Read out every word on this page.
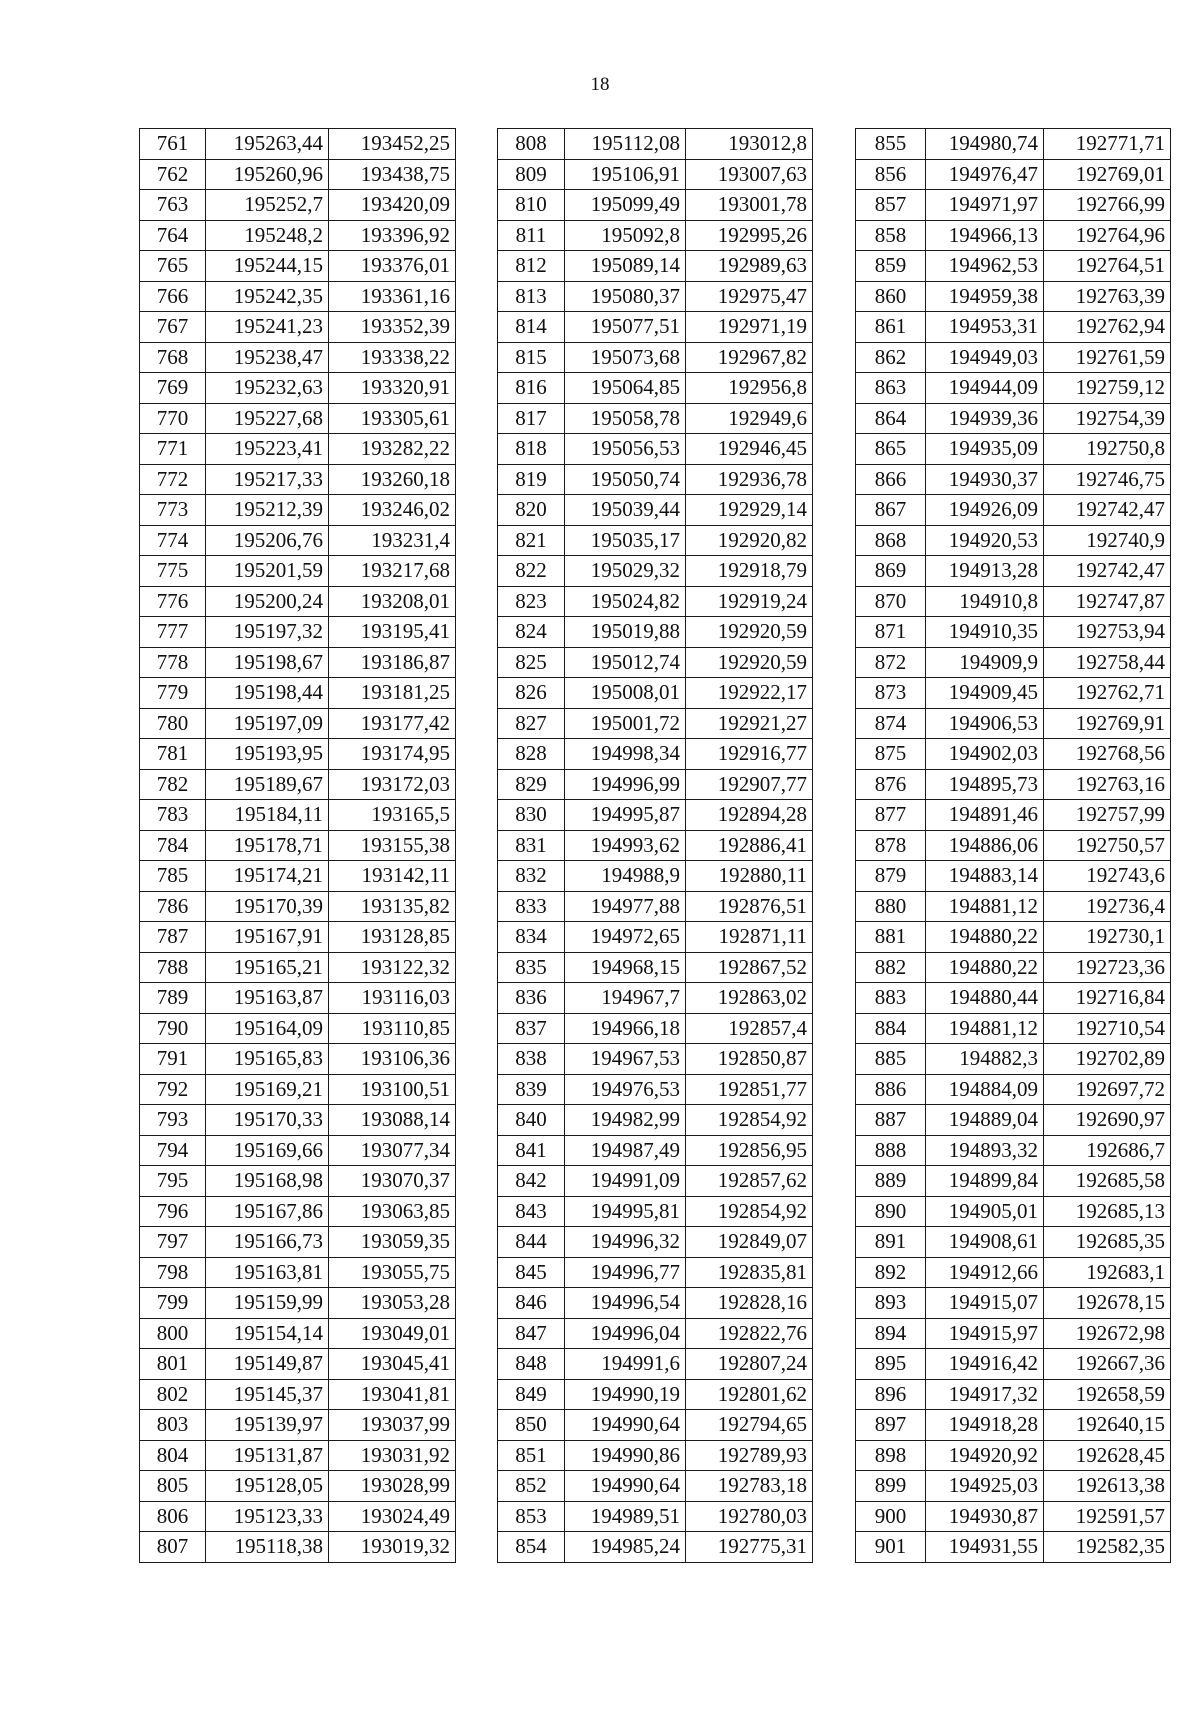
18
761	195263,44	193452,25
762	195260,96	193438,75
763	195252,7	193420,09
764	195248,2	193396,92
765	195244,15	193376,01
766	195242,35	193361,16
767	195241,23	193352,39
768	195238,47	193338,22
769	195232,63	193320,91
770	195227,68	193305,61
771	195223,41	193282,22
772	195217,33	193260,18
773	195212,39	193246,02
774	195206,76	193231,4
775	195201,59	193217,68
776	195200,24	193208,01
777	195197,32	193195,41
778	195198,67	193186,87
779	195198,44	193181,25
780	195197,09	193177,42
781	195193,95	193174,95
782	195189,67	193172,03
783	195184,11	193165,5
784	195178,71	193155,38
785	195174,21	193142,11
786	195170,39	193135,82
787	195167,91	193128,85
788	195165,21	193122,32
789	195163,87	193116,03
790	195164,09	193110,85
791	195165,83	193106,36
792	195169,21	193100,51
793	195170,33	193088,14
794	195169,66	193077,34
795	195168,98	193070,37
796	195167,86	193063,85
797	195166,73	193059,35
798	195163,81	193055,75
799	195159,99	193053,28
800	195154,14	193049,01
801	195149,87	193045,41
802	195145,37	193041,81
803	195139,97	193037,99
804	195131,87	193031,92
805	195128,05	193028,99
806	195123,33	193024,49
807	195118,38	193019,32
808	195112,08	193012,8
809	195106,91	193007,63
810	195099,49	193001,78
811	195092,8	192995,26
812	195089,14	192989,63
813	195080,37	192975,47
814	195077,51	192971,19
815	195073,68	192967,82
816	195064,85	192956,8
817	195058,78	192949,6
818	195056,53	192946,45
819	195050,74	192936,78
820	195039,44	192929,14
821	195035,17	192920,82
822	195029,32	192918,79
823	195024,82	192919,24
824	195019,88	192920,59
825	195012,74	192920,59
826	195008,01	192922,17
827	195001,72	192921,27
828	194998,34	192916,77
829	194996,99	192907,77
830	194995,87	192894,28
831	194993,62	192886,41
832	194988,9	192880,11
833	194977,88	192876,51
834	194972,65	192871,11
835	194968,15	192867,52
836	194967,7	192863,02
837	194966,18	192857,4
838	194967,53	192850,87
839	194976,53	192851,77
840	194982,99	192854,92
841	194987,49	192856,95
842	194991,09	192857,62
843	194995,81	192854,92
844	194996,32	192849,07
845	194996,77	192835,81
846	194996,54	192828,16
847	194996,04	192822,76
848	194991,6	192807,24
849	194990,19	192801,62
850	194990,64	192794,65
851	194990,86	192789,93
852	194990,64	192783,18
853	194989,51	192780,03
854	194985,24	192775,31
855	194980,74	192771,71
856	194976,47	192769,01
857	194971,97	192766,99
858	194966,13	192764,96
859	194962,53	192764,51
860	194959,38	192763,39
861	194953,31	192762,94
862	194949,03	192761,59
863	194944,09	192759,12
864	194939,36	192754,39
865	194935,09	192750,8
866	194930,37	192746,75
867	194926,09	192742,47
868	194920,53	192740,9
869	194913,28	192742,47
870	194910,8	192747,87
871	194910,35	192753,94
872	194909,9	192758,44
873	194909,45	192762,71
874	194906,53	192769,91
875	194902,03	192768,56
876	194895,73	192763,16
877	194891,46	192757,99
878	194886,06	192750,57
879	194883,14	192743,6
880	194881,12	192736,4
881	194880,22	192730,1
882	194880,22	192723,36
883	194880,44	192716,84
884	194881,12	192710,54
885	194882,3	192702,89
886	194884,09	192697,72
887	194889,04	192690,97
888	194893,32	192686,7
889	194899,84	192685,58
890	194905,01	192685,13
891	194908,61	192685,35
892	194912,66	192683,1
893	194915,07	192678,15
894	194915,97	192672,98
895	194916,42	192667,36
896	194917,32	192658,59
897	194918,28	192640,15
898	194920,92	192628,45
899	194925,03	192613,38
900	194930,87	192591,57
901	194931,55	192582,35
